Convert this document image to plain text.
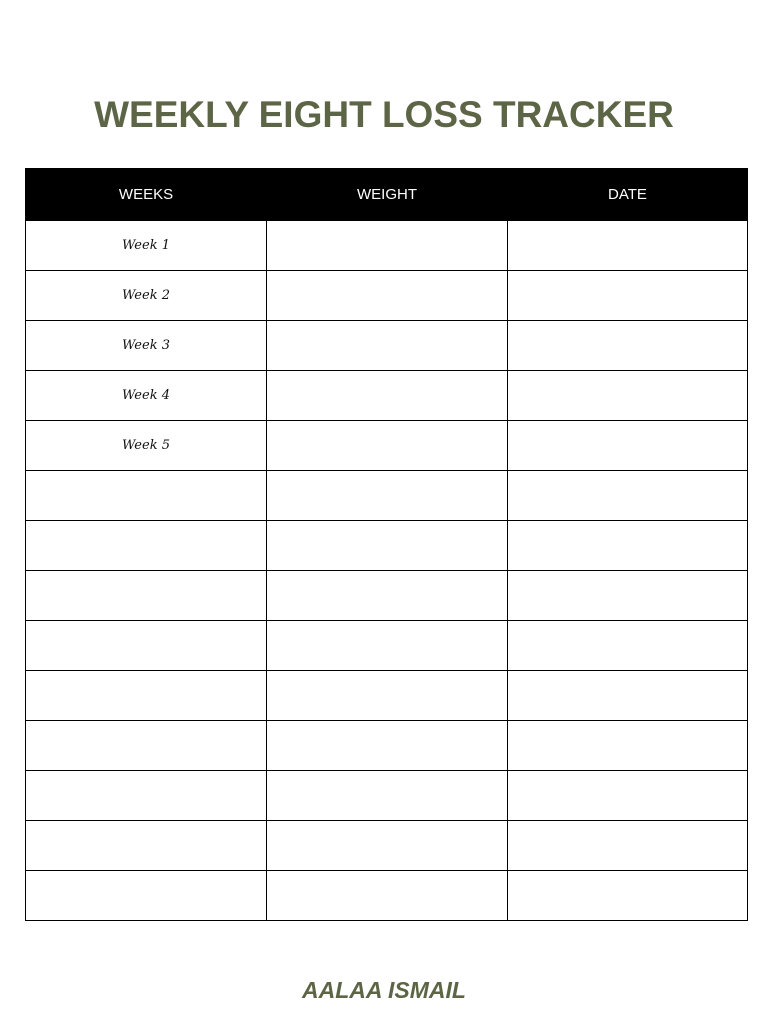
WEEKLY EIGHT LOSS TRACKER
WEEKS	WEIGHT	DATE
Week 1		
Week 2		
Week 3		
Week 4		
Week 5		

AALAA ISMAIL
